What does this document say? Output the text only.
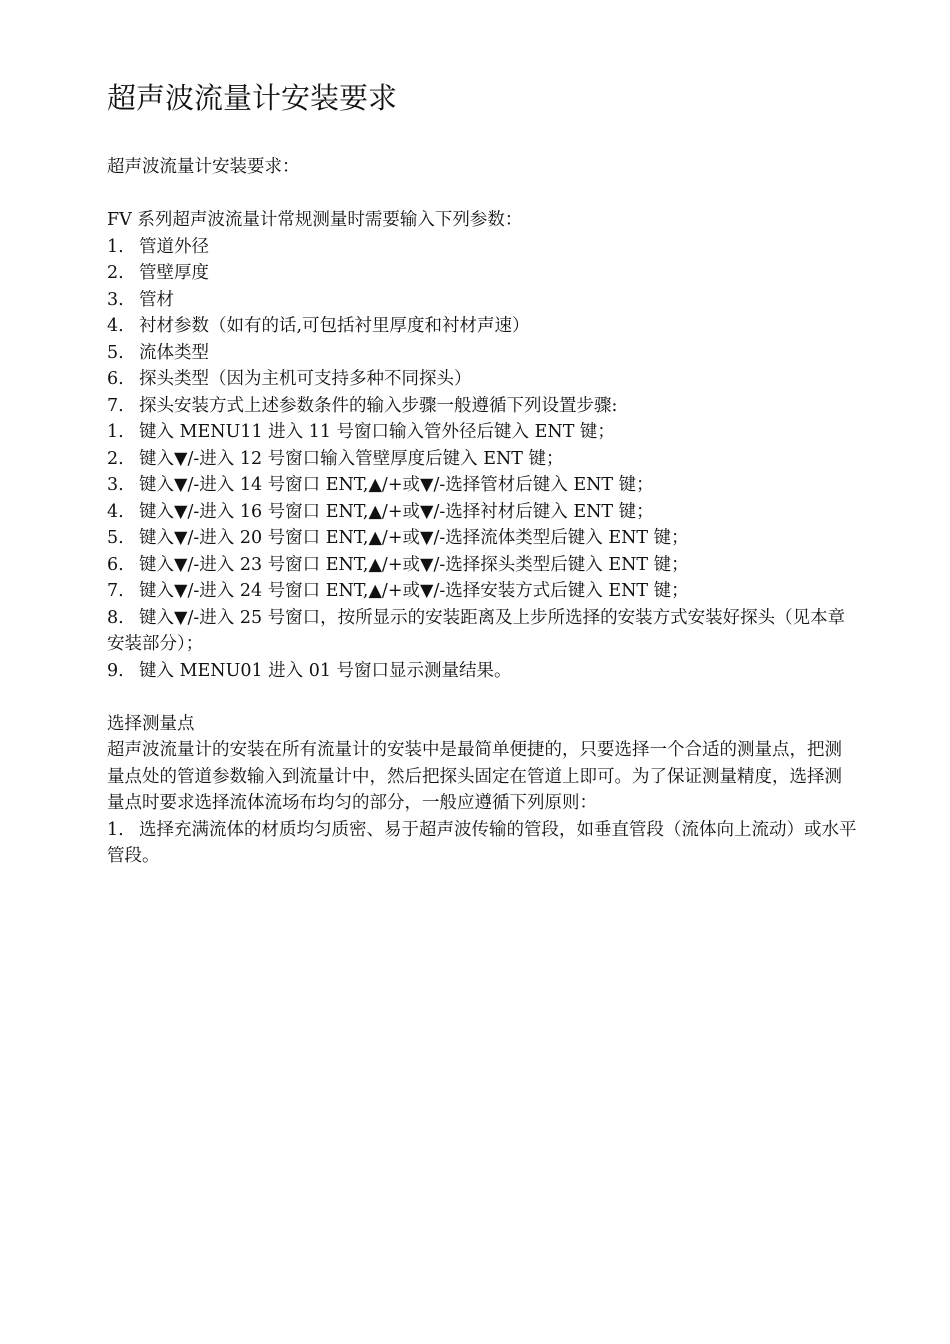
超声波流量计安装要求
超声波流量计安装要求：
FV 系列超声波流量计常规测量时需要输入下列参数：
1. 管道外径
2. 管壁厚度
3. 管材
4. 衬材参数（如有的话,可包括衬里厚度和衬材声速）
5. 流体类型
6. 探头类型（因为主机可支持多种不同探头）
7. 探头安装方式上述参数条件的输入步骤一般遵循下列设置步骤:
1. 键入 MENU11 进入 11 号窗口输入管外径后键入 ENT 键；
2. 键入▼/-进入 12 号窗口输入管壁厚度后键入 ENT 键；
3. 键入▼/-进入 14 号窗口 ENT,▲/+或▼/-选择管材后键入 ENT 键；
4. 键入▼/-进入 16 号窗口 ENT,▲/+或▼/-选择衬材后键入 ENT 键；
5. 键入▼/-进入 20 号窗口 ENT,▲/+或▼/-选择流体类型后键入 ENT 键；
6. 键入▼/-进入 23 号窗口 ENT,▲/+或▼/-选择探头类型后键入 ENT 键；
7. 键入▼/-进入 24 号窗口 ENT,▲/+或▼/-选择安装方式后键入 ENT 键；
8. 键入▼/-进入 25 号窗口，按所显示的安装距离及上步所选择的安装方式安装好探头（见本章安装部分）；
9. 键入 MENU01 进入 01 号窗口显示测量结果。
选择测量点
超声波流量计的安装在所有流量计的安装中是最简单便捷的，只要选择一个合适的测量点，把测量点处的管道参数输入到流量计中，然后把探头固定在管道上即可。为了保证测量精度，选择测量点时要求选择流体流场布均匀的部分，一般应遵循下列原则：
1. 选择充满流体的材质均匀质密、易于超声波传输的管段，如垂直管段（流体向上流动）或水平管段。
